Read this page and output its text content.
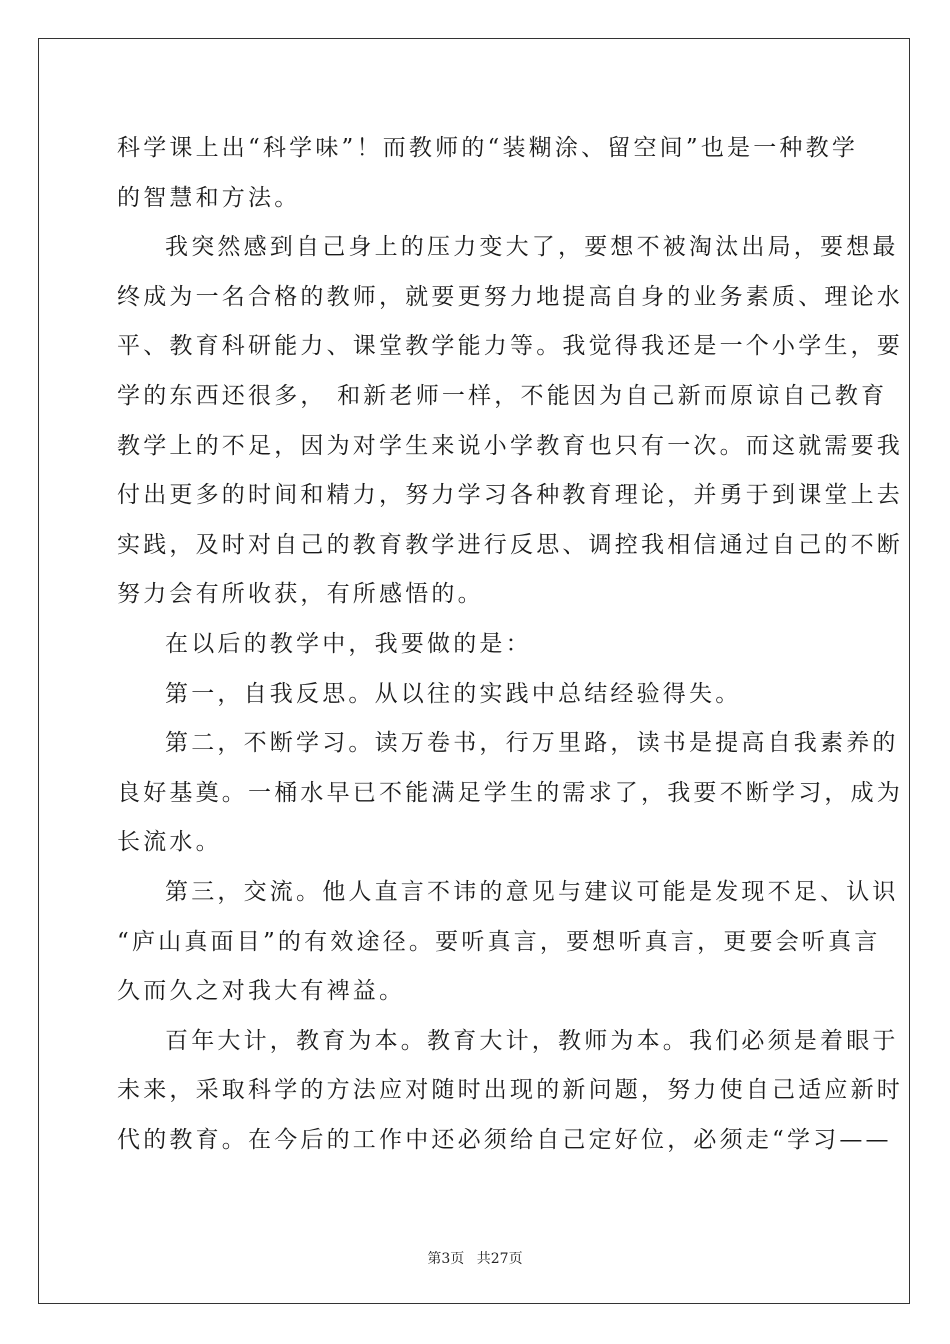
科学课上出“科学味”！而教师的“装糊涂、留空间”也是一种教学
的智慧和方法。
我突然感到自己身上的压力变大了，要想不被淘汰出局，要想最
终成为一名合格的教师，就要更努力地提高自身的业务素质、理论水
平、教育科研能力、课堂教学能力等。我觉得我还是一个小学生，要
学的东西还很多， 和新老师一样，不能因为自己新而原谅自己教育
教学上的不足，因为对学生来说小学教育也只有一次。而这就需要我
付出更多的时间和精力，努力学习各种教育理论，并勇于到课堂上去
实践，及时对自己的教育教学进行反思、调控我相信通过自己的不断
努力会有所收获，有所感悟的。
在以后的教学中，我要做的是：
第一，自我反思。从以往的实践中总结经验得失。
第二，不断学习。读万卷书，行万里路，读书是提高自我素养的
良好基奠。一桶水早已不能满足学生的需求了，我要不断学习，成为
长流水。
第三，交流。他人直言不讳的意见与建议可能是发现不足、认识
“庐山真面目”的有效途径。要听真言，要想听真言，更要会听真言
久而久之对我大有裨益。
百年大计，教育为本。教育大计，教师为本。我们必须是着眼于
未来，采取科学的方法应对随时出现的新问题，努力使自己适应新时
代的教育。在今后的工作中还必须给自己定好位，必须走“学习——
第3页 共27页
